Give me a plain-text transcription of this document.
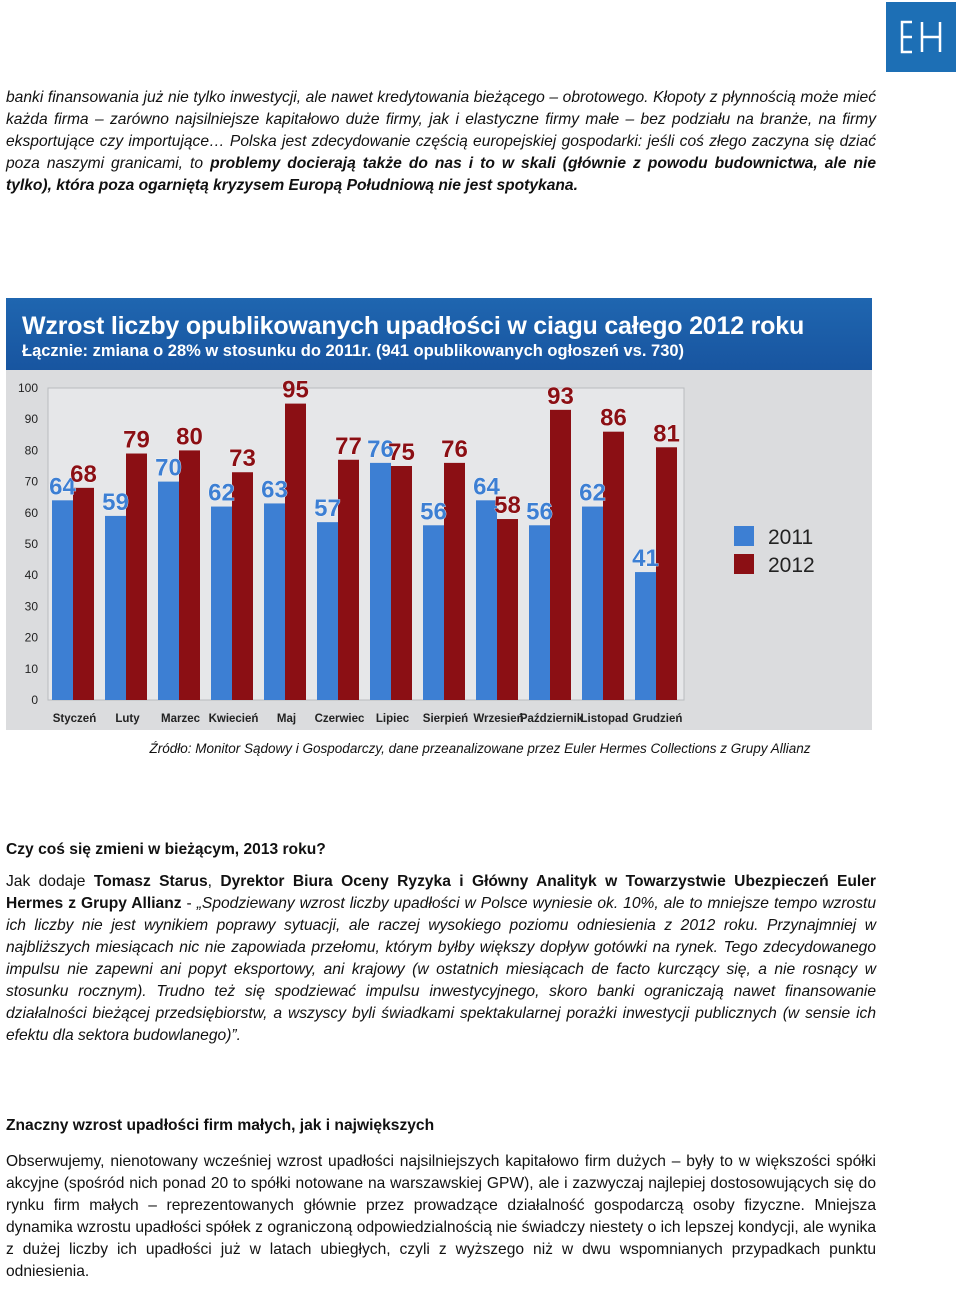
banki finansowania już nie tylko inwestycji, ale nawet kredytowania bieżącego – obrotowego. Kłopoty z płynnością może mieć każda firma – zarówno najsilniejsze kapitałowo duże firmy, jak i elastyczne firmy małe – bez podziału na branże, na firmy eksportujące czy importujące… Polska jest zdecydowanie częścią europejskiej gospodarki: jeśli coś złego zaczyna się dziać poza naszymi granicami, to problemy docierają także do nas i to w skali (głównie z powodu budownictwa, ale nie tylko), która poza ogarniętą kryzysem Europą Południową nie jest spotykana.

Wzrost liczby opublikowanych upadłości w ciagu całego 2012 roku
Łącznie: zmiana o 28% w stosunku do 2011r. (941 opublikowanych ogłoszeń vs. 730)
0
10
20
30
40
50
60
70
80
90
100
Styczeń Luty Marzec Kwiecień Maj Czerwiec Lipiec Sierpień Wrzesień
Październik
Listopad Grudzień
64
68
59
79
70
80
62
73
63
95
57
77 76
75
56
76
64
58 56
93
62
86
41
81
2011
2012
Źródło: Monitor Sądowy i Gospodarczy, dane przeanalizowane przez Euler Hermes Collections z Grupy Allianz

Czy coś się zmieni w bieżącym, 2013 roku?

Jak dodaje Tomasz Starus, Dyrektor Biura Oceny Ryzyka i Główny Analityk w Towarzystwie Ubezpieczeń Euler Hermes z Grupy Allianz - „Spodziewany wzrost liczby upadłości w Polsce wyniesie ok. 10%, ale to mniejsze tempo wzrostu ich liczby nie jest wynikiem poprawy sytuacji, ale raczej wysokiego poziomu odniesienia z 2012 roku. Przynajmniej w najbliższych miesiącach nic nie zapowiada przełomu, którym byłby większy dopływ gotówki na rynek. Tego zdecydowanego impulsu nie zapewni ani popyt eksportowy, ani krajowy (w ostatnich miesiącach de facto kurczący się, a nie rosnący w stosunku rocznym). Trudno też się spodziewać impulsu inwestycyjnego, skoro banki ograniczają nawet finansowanie działalności bieżącej przedsiębiorstw, a wszyscy byli świadkami spektakularnej porażki inwestycji publicznych (w sensie ich efektu dla sektora budowlanego)”.

Znaczny wzrost upadłości firm małych, jak i największych

Obserwujemy, nienotowany wcześniej wzrost upadłości najsilniejszych kapitałowo firm dużych – były to w większości spółki akcyjne (spośród nich ponad 20 to spółki notowane na warszawskiej GPW), ale i zazwyczaj najlepiej dostosowujących się do rynku firm małych – reprezentowanych głównie przez prowadzące działalność gospodarczą osoby fizyczne. Mniejsza dynamika wzrostu upadłości spółek z ograniczoną odpowiedzialnością nie świadczy niestety o ich lepszej kondycji, ale wynika z dużej liczby ich upadłości już w latach ubiegłych, czyli z wyższego niż w dwu wspomnianych przypadkach punktu odniesienia.
